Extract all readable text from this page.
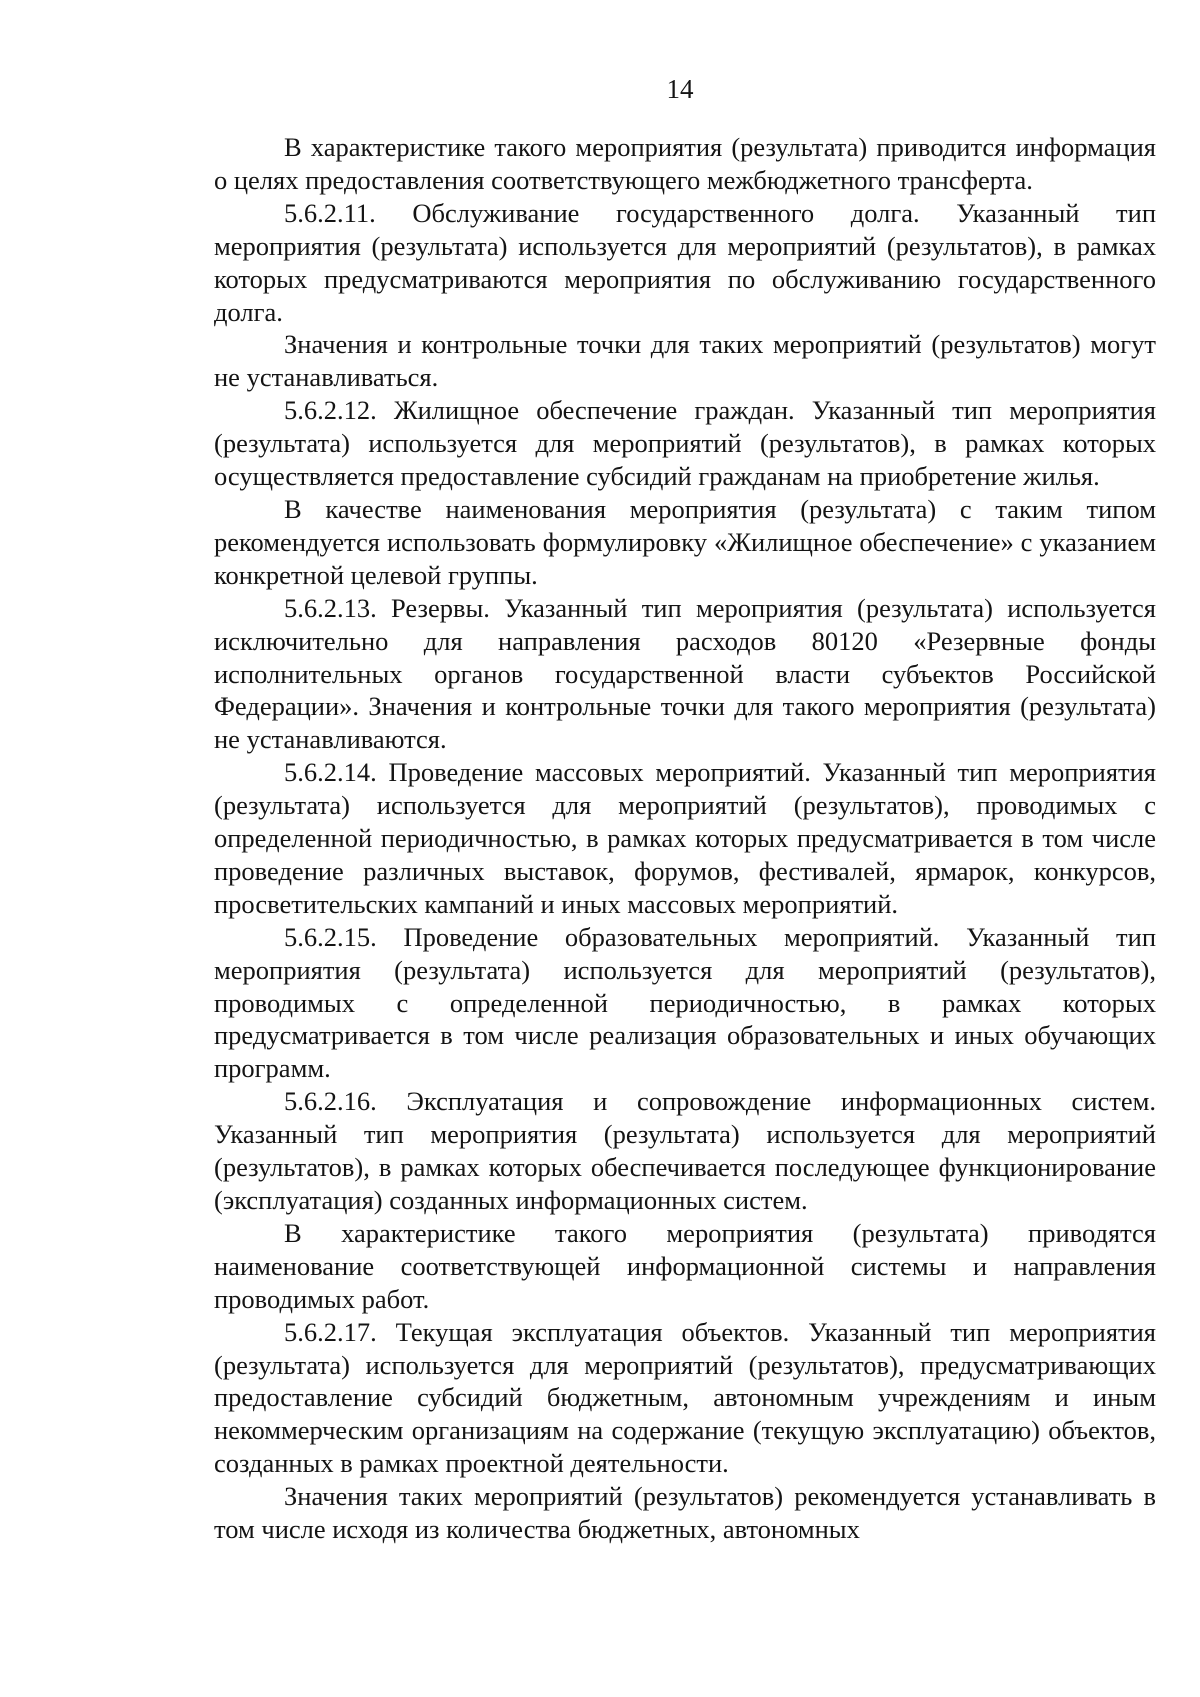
14

В характеристике такого мероприятия (результата) приводится информация о целях предоставления соответствующего межбюджетного трансферта.

5.6.2.11. Обслуживание государственного долга. Указанный тип мероприятия (результата) используется для мероприятий (результатов), в рамках которых предусматриваются мероприятия по обслуживанию государственного долга.

Значения и контрольные точки для таких мероприятий (результатов) могут не устанавливаться.

5.6.2.12. Жилищное обеспечение граждан. Указанный тип мероприятия (результата) используется для мероприятий (результатов), в рамках которых осуществляется предоставление субсидий гражданам на приобретение жилья.

В качестве наименования мероприятия (результата) с таким типом рекомендуется использовать формулировку «Жилищное обеспечение» с указанием конкретной целевой группы.

5.6.2.13. Резервы. Указанный тип мероприятия (результата) используется исключительно для направления расходов 80120 «Резервные фонды исполнительных органов государственной власти субъектов Российской Федерации». Значения и контрольные точки для такого мероприятия (результата) не устанавливаются.

5.6.2.14. Проведение массовых мероприятий. Указанный тип мероприятия (результата) используется для мероприятий (результатов), проводимых с определенной периодичностью, в рамках которых предусматривается в том числе проведение различных выставок, форумов, фестивалей, ярмарок, конкурсов, просветительских кампаний и иных массовых мероприятий.

5.6.2.15. Проведение образовательных мероприятий. Указанный тип мероприятия (результата) используется для мероприятий (результатов), проводимых с определенной периодичностью, в рамках которых предусматривается в том числе реализация образовательных и иных обучающих программ.

5.6.2.16. Эксплуатация и сопровождение информационных систем. Указанный тип мероприятия (результата) используется для мероприятий (результатов), в рамках которых обеспечивается последующее функционирование (эксплуатация) созданных информационных систем.

В характеристике такого мероприятия (результата) приводятся наименование соответствующей информационной системы и направления проводимых работ.

5.6.2.17. Текущая эксплуатация объектов. Указанный тип мероприятия (результата) используется для мероприятий (результатов), предусматривающих предоставление субсидий бюджетным, автономным учреждениям и иным некоммерческим организациям на содержание (текущую эксплуатацию) объектов, созданных в рамках проектной деятельности.

Значения таких мероприятий (результатов) рекомендуется устанавливать в том числе исходя из количества бюджетных, автономных
